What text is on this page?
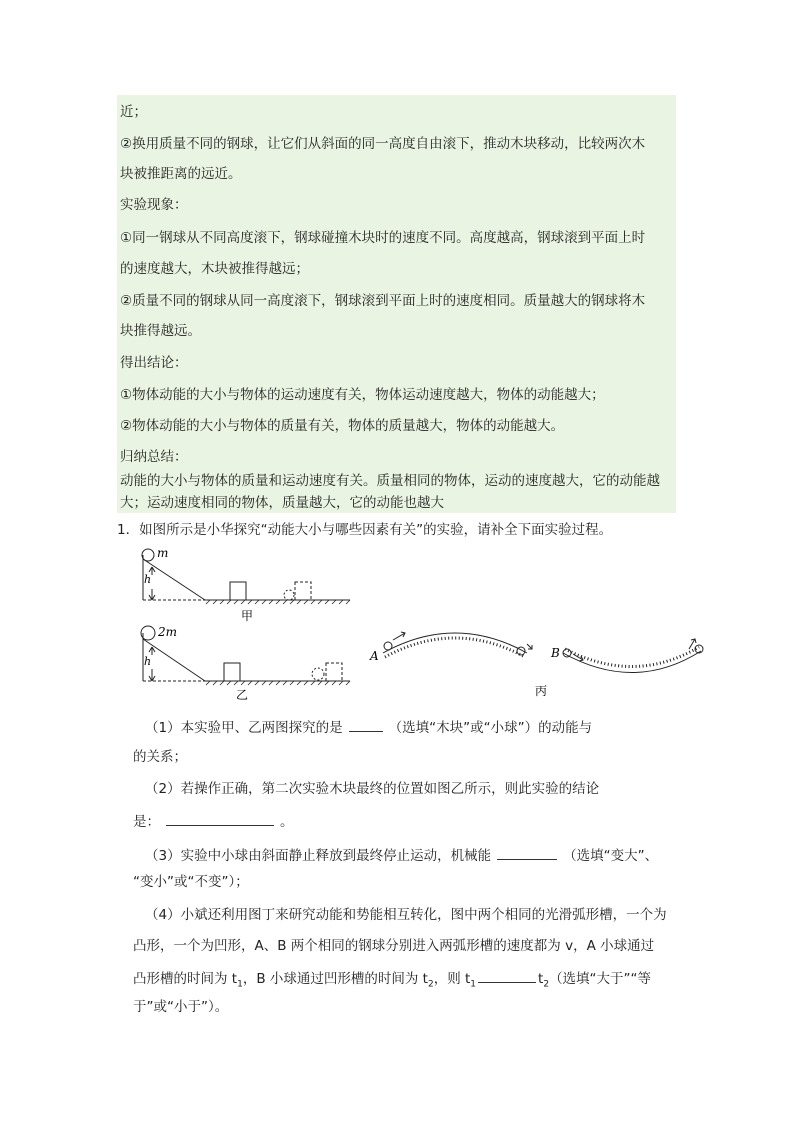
近；
②换用质量不同的钢球，让它们从斜面的同一高度自由滚下，推动木块移动，比较两次木
块被推距离的远近。
实验现象：
①同一钢球从不同高度滚下，钢球碰撞木块时的速度不同。高度越高，钢球滚到平面上时
的速度越大，木块被推得越远；
②质量不同的钢球从同一高度滚下，钢球滚到平面上时的速度相同。质量越大的钢球将木
块推得越远。
得出结论：
①物体动能的大小与物体的运动速度有关，物体运动速度越大，物体的动能越大；
②物体动能的大小与物体的质量有关，物体的质量越大，物体的动能越大。
归纳总结：
动能的大小与物体的质量和运动速度有关。质量相同的物体，运动的速度越大，它的动能越
大；运动速度相同的物体，质量越大，它的动能也越大
1．如图所示是小华探究“动能大小与哪些因素有关”的实验，请补全下面实验过程。
m
h
甲
2m
h
乙
A	B
丙
（1）本实验甲、乙两图探究的是	（选填“木块”或“小球”）的动能与
的关系；
（2）若操作正确，第二次实验木块最终的位置如图乙所示，则此实验的结论
是：	。
（3）实验中小球由斜面静止释放到最终停止运动，机械能	（选填“变大”、
“变小”或“不变”）；
（4）小斌还利用图丁来研究动能和势能相互转化，图中两个相同的光滑弧形槽，一个为
凸形，一个为凹形，A、B 两个相同的钢球分别进入两弧形槽的速度都为 v，A 小球通过
凸形槽的时间为 $t_1$，B 小球通过凹形槽的时间为 $t_2$，则 $t_1$	$t_2$（选填“大于”“等
于”或“小于”）。
